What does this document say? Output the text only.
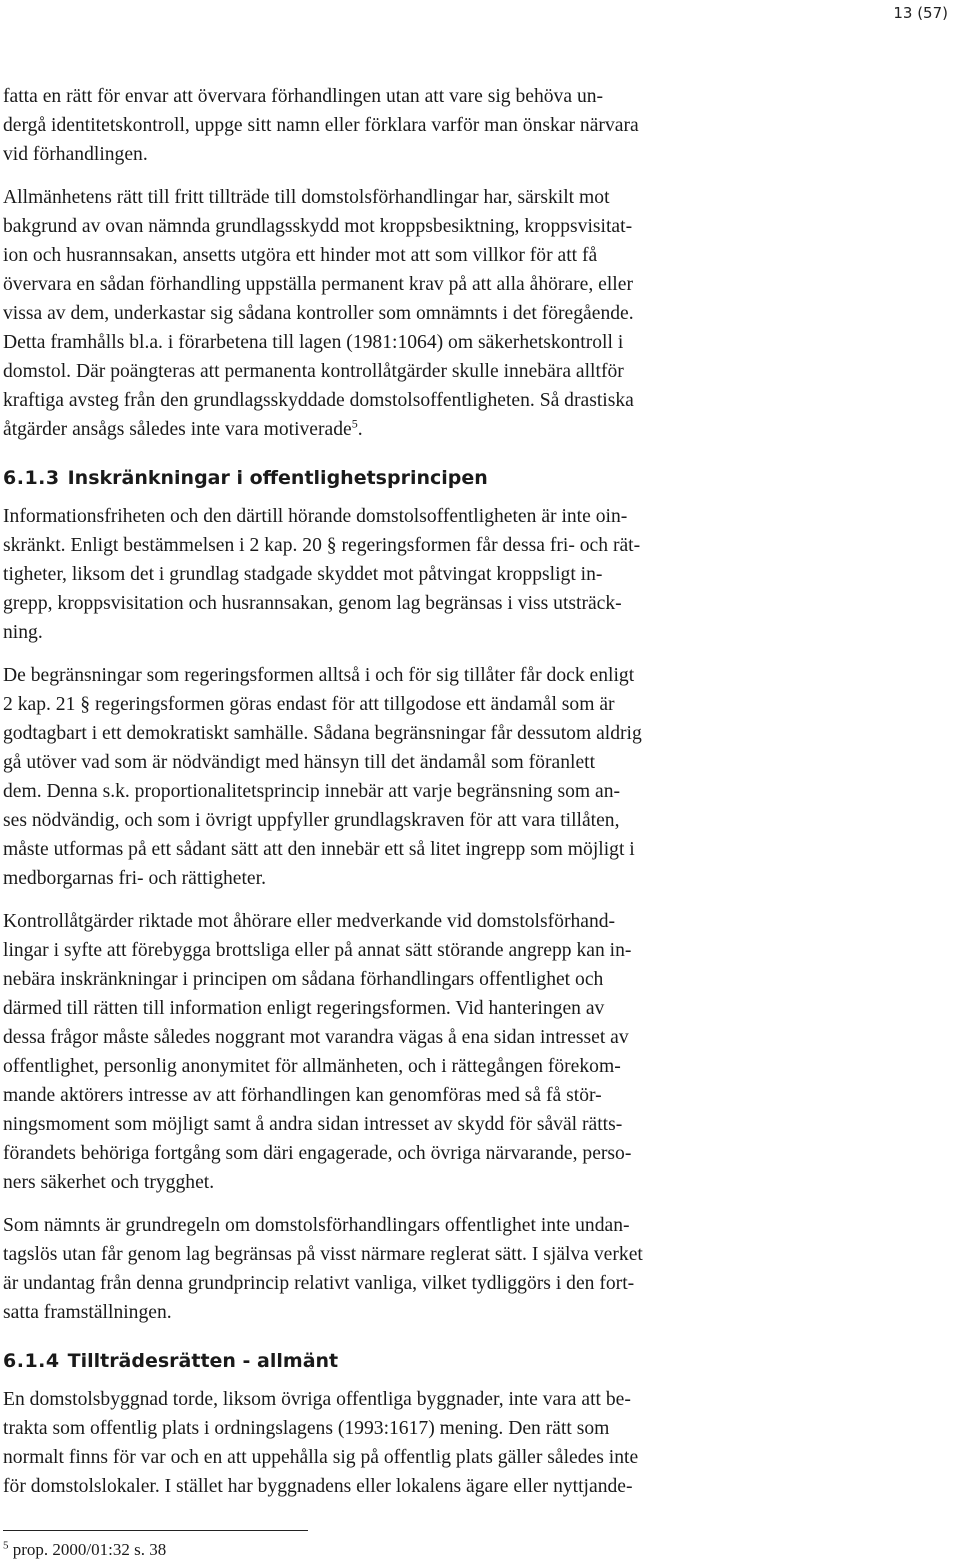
13 (57)

fatta en rätt för envar att övervara förhandlingen utan att vare sig behöva un-
dergå identitetskontroll, uppge sitt namn eller förklara varför man önskar närvara
vid förhandlingen.

Allmänhetens rätt till fritt tillträde till domstolsförhandlingar har, särskilt mot
bakgrund av ovan nämnda grundlagsskydd mot kroppsbesiktning, kroppsvisitat-
ion och husrannsakan, ansetts utgöra ett hinder mot att som villkor för att få
övervara en sådan förhandling uppställa permanent krav på att alla åhörare, eller
vissa av dem, underkastar sig sådana kontroller som omnämnts i det föregående.
Detta framhålls bl.a. i förarbetena till lagen (1981:1064) om säkerhetskontroll i
domstol. Där poängteras att permanenta kontrollåtgärder skulle innebära alltför
kraftiga avsteg från den grundlagsskyddade domstolsoffentligheten. Så drastiska
åtgärder ansågs således inte vara motiverade$^5$.

6.1.3 Inskränkningar i offentlighetsprincipen

Informationsfriheten och den därtill hörande domstolsoffentligheten är inte oin-
skränkt. Enligt bestämmelsen i 2 kap. 20 § regeringsformen får dessa fri- och rät-
tigheter, liksom det i grundlag stadgade skyddet mot påtvingat kroppsligt in-
grepp, kroppsvisitation och husrannsakan, genom lag begränsas i viss utsträck-
ning.

De begränsningar som regeringsformen alltså i och för sig tillåter får dock enligt
2 kap. 21 § regeringsformen göras endast för att tillgodose ett ändamål som är
godtagbart i ett demokratiskt samhälle. Sådana begränsningar får dessutom aldrig
gå utöver vad som är nödvändigt med hänsyn till det ändamål som föranlett
dem. Denna s.k. proportionalitetsprincip innebär att varje begränsning som an-
ses nödvändig, och som i övrigt uppfyller grundlagskraven för att vara tillåten,
måste utformas på ett sådant sätt att den innebär ett så litet ingrepp som möjligt i
medborgarnas fri- och rättigheter.

Kontrollåtgärder riktade mot åhörare eller medverkande vid domstolsförhand-
lingar i syfte att förebygga brottsliga eller på annat sätt störande angrepp kan in-
nebära inskränkningar i principen om sådana förhandlingars offentlighet och
därmed till rätten till information enligt regeringsformen. Vid hanteringen av
dessa frågor måste således noggrant mot varandra vägas å ena sidan intresset av
offentlighet, personlig anonymitet för allmänheten, och i rättegången förekom-
mande aktörers intresse av att förhandlingen kan genomföras med så få stör-
ningsmoment som möjligt samt å andra sidan intresset av skydd för såväl rätts-
förandets behöriga fortgång som däri engagerade, och övriga närvarande, perso-
ners säkerhet och trygghet.

Som nämnts är grundregeln om domstolsförhandlingars offentlighet inte undan-
tagslös utan får genom lag begränsas på visst närmare reglerat sätt. I själva verket
är undantag från denna grundprincip relativt vanliga, vilket tydliggörs i den fort-
satta framställningen.

6.1.4 Tillträdesrätten - allmänt

En domstolsbyggnad torde, liksom övriga offentliga byggnader, inte vara att be-
trakta som offentlig plats i ordningslagens (1993:1617) mening. Den rätt som
normalt finns för var och en att uppehålla sig på offentlig plats gäller således inte
för domstolslokaler. I stället har byggnadens eller lokalens ägare eller nyttjande-

$^5$ prop. 2000/01:32 s. 38
